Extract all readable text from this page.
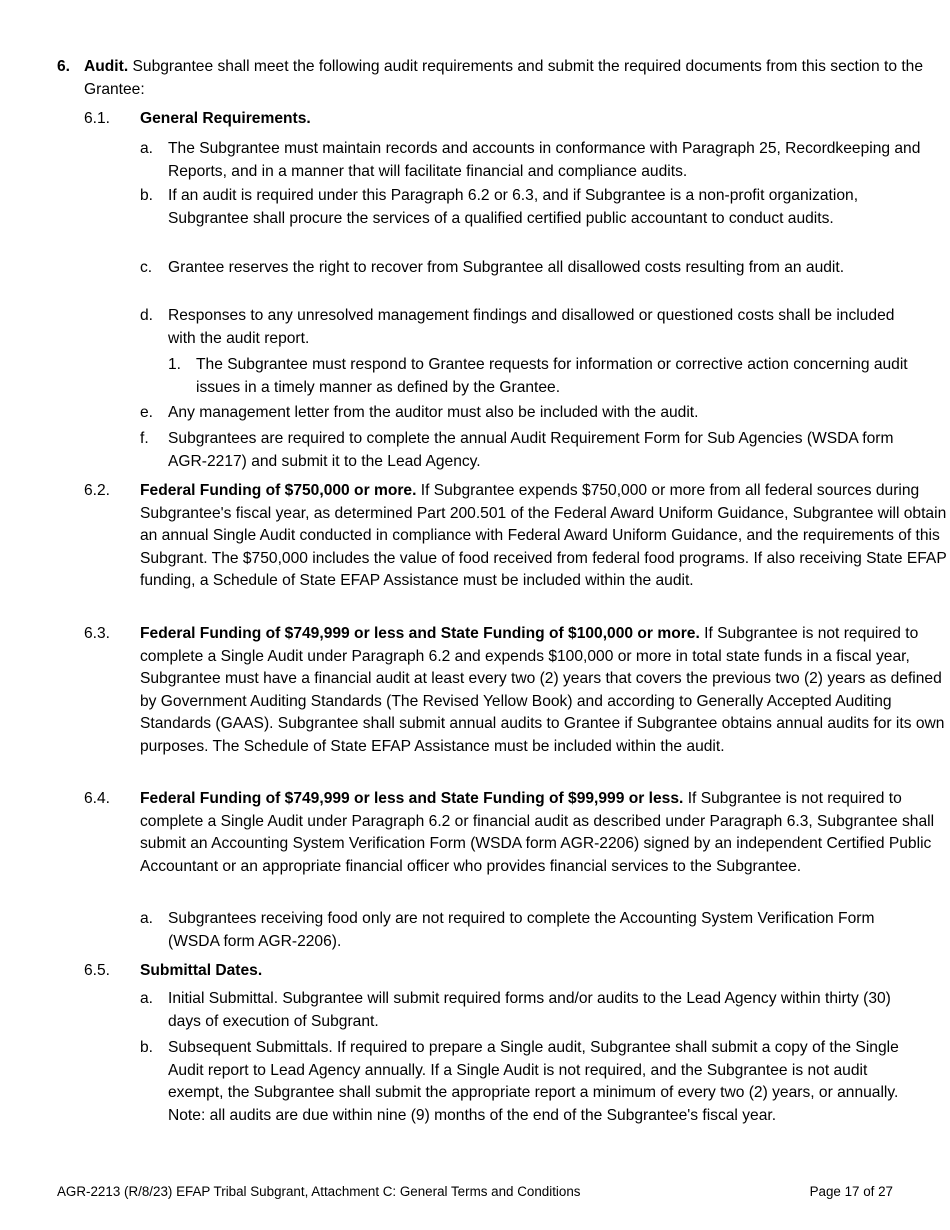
6. Audit. Subgrantee shall meet the following audit requirements and submit the required documents from this section to the Grantee:
6.1. General Requirements.
a. The Subgrantee must maintain records and accounts in conformance with Paragraph 25, Recordkeeping and Reports, and in a manner that will facilitate financial and compliance audits.
b. If an audit is required under this Paragraph 6.2 or 6.3, and if Subgrantee is a non-profit organization, Subgrantee shall procure the services of a qualified certified public accountant to conduct audits.
c. Grantee reserves the right to recover from Subgrantee all disallowed costs resulting from an audit.
d. Responses to any unresolved management findings and disallowed or questioned costs shall be included with the audit report.
1. The Subgrantee must respond to Grantee requests for information or corrective action concerning audit issues in a timely manner as defined by the Grantee.
e. Any management letter from the auditor must also be included with the audit.
f. Subgrantees are required to complete the annual Audit Requirement Form for Sub Agencies (WSDA form AGR-2217) and submit it to the Lead Agency.
6.2. Federal Funding of $750,000 or more. If Subgrantee expends $750,000 or more from all federal sources during Subgrantee's fiscal year, as determined Part 200.501 of the Federal Award Uniform Guidance, Subgrantee will obtain an annual Single Audit conducted in compliance with Federal Award Uniform Guidance, and the requirements of this Subgrant. The $750,000 includes the value of food received from federal food programs. If also receiving State EFAP funding, a Schedule of State EFAP Assistance must be included within the audit.
6.3. Federal Funding of $749,999 or less and State Funding of $100,000 or more. If Subgrantee is not required to complete a Single Audit under Paragraph 6.2 and expends $100,000 or more in total state funds in a fiscal year, Subgrantee must have a financial audit at least every two (2) years that covers the previous two (2) years as defined by Government Auditing Standards (The Revised Yellow Book) and according to Generally Accepted Auditing Standards (GAAS). Subgrantee shall submit annual audits to Grantee if Subgrantee obtains annual audits for its own purposes. The Schedule of State EFAP Assistance must be included within the audit.
6.4. Federal Funding of $749,999 or less and State Funding of $99,999 or less. If Subgrantee is not required to complete a Single Audit under Paragraph 6.2 or financial audit as described under Paragraph 6.3, Subgrantee shall submit an Accounting System Verification Form (WSDA form AGR-2206) signed by an independent Certified Public Accountant or an appropriate financial officer who provides financial services to the Subgrantee.
a. Subgrantees receiving food only are not required to complete the Accounting System Verification Form (WSDA form AGR-2206).
6.5. Submittal Dates.
a. Initial Submittal. Subgrantee will submit required forms and/or audits to the Lead Agency within thirty (30) days of execution of Subgrant.
b. Subsequent Submittals. If required to prepare a Single audit, Subgrantee shall submit a copy of the Single Audit report to Lead Agency annually. If a Single Audit is not required, and the Subgrantee is not audit exempt, the Subgrantee shall submit the appropriate report a minimum of every two (2) years, or annually. Note: all audits are due within nine (9) months of the end of the Subgrantee's fiscal year.
AGR-2213 (R/8/23) EFAP Tribal Subgrant, Attachment C: General Terms and Conditions	Page 17 of 27
